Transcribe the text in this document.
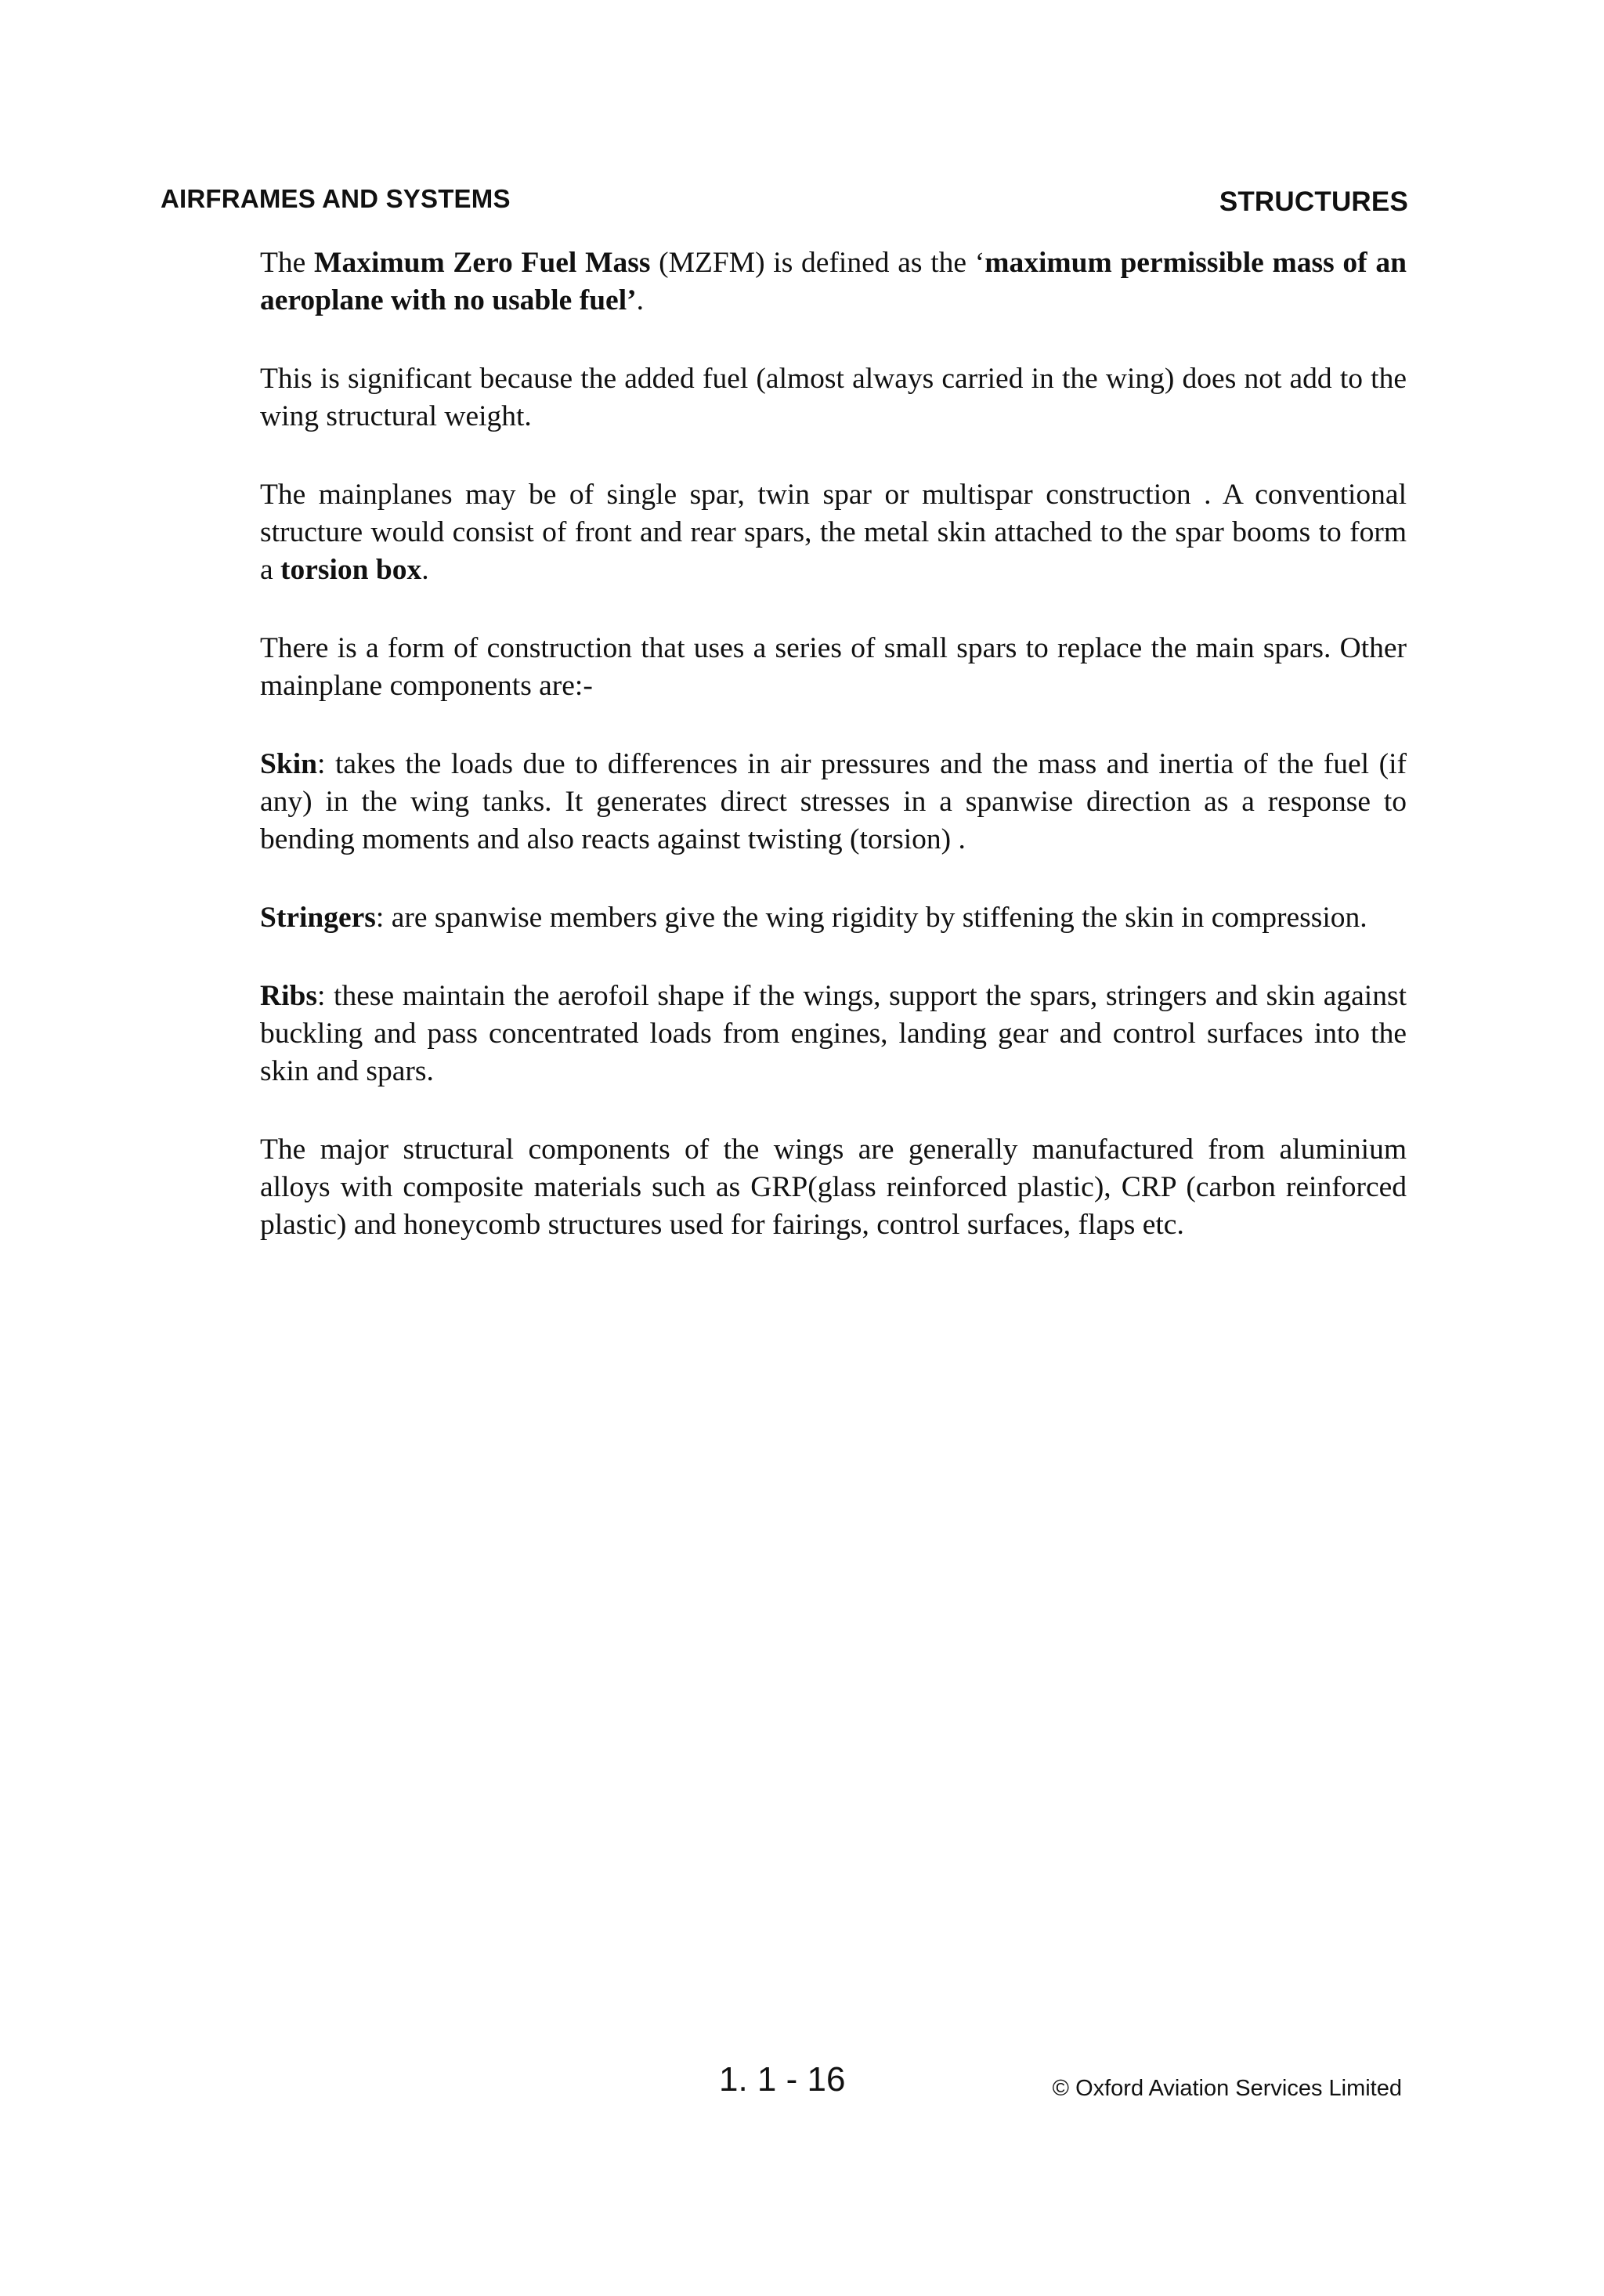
AIRFRAMES AND SYSTEMS	STRUCTURES

The Maximum Zero Fuel Mass (MZFM) is defined as the ‘maximum permissible mass of an aeroplane with no usable fuel’.

This is significant because the added fuel (almost always carried in the wing) does not add to the wing structural weight.

The mainplanes may be of single spar, twin spar or multispar construction . A conventional structure would consist of front and rear spars, the metal skin attached to the spar booms to form a torsion box.

There is a form of construction that uses a series of small spars to replace the main spars. Other mainplane components are:-

Skin: takes the loads due to differences in air pressures and the mass and inertia of the fuel (if any) in the wing tanks. It generates direct stresses in a spanwise direction as a response to bending moments and also reacts against twisting (torsion) .

Stringers: are spanwise members give the wing rigidity by stiffening the skin in compression.

Ribs: these maintain the aerofoil shape if the wings, support the spars, stringers and skin against buckling and pass concentrated loads from engines, landing gear and control surfaces into the skin and spars.

The major structural components of the wings are generally manufactured from aluminium alloys with composite materials such as GRP(glass reinforced plastic), CRP (carbon reinforced plastic) and honeycomb structures used for fairings, control surfaces, flaps etc.

1. 1 - 16	© Oxford Aviation Services Limited
